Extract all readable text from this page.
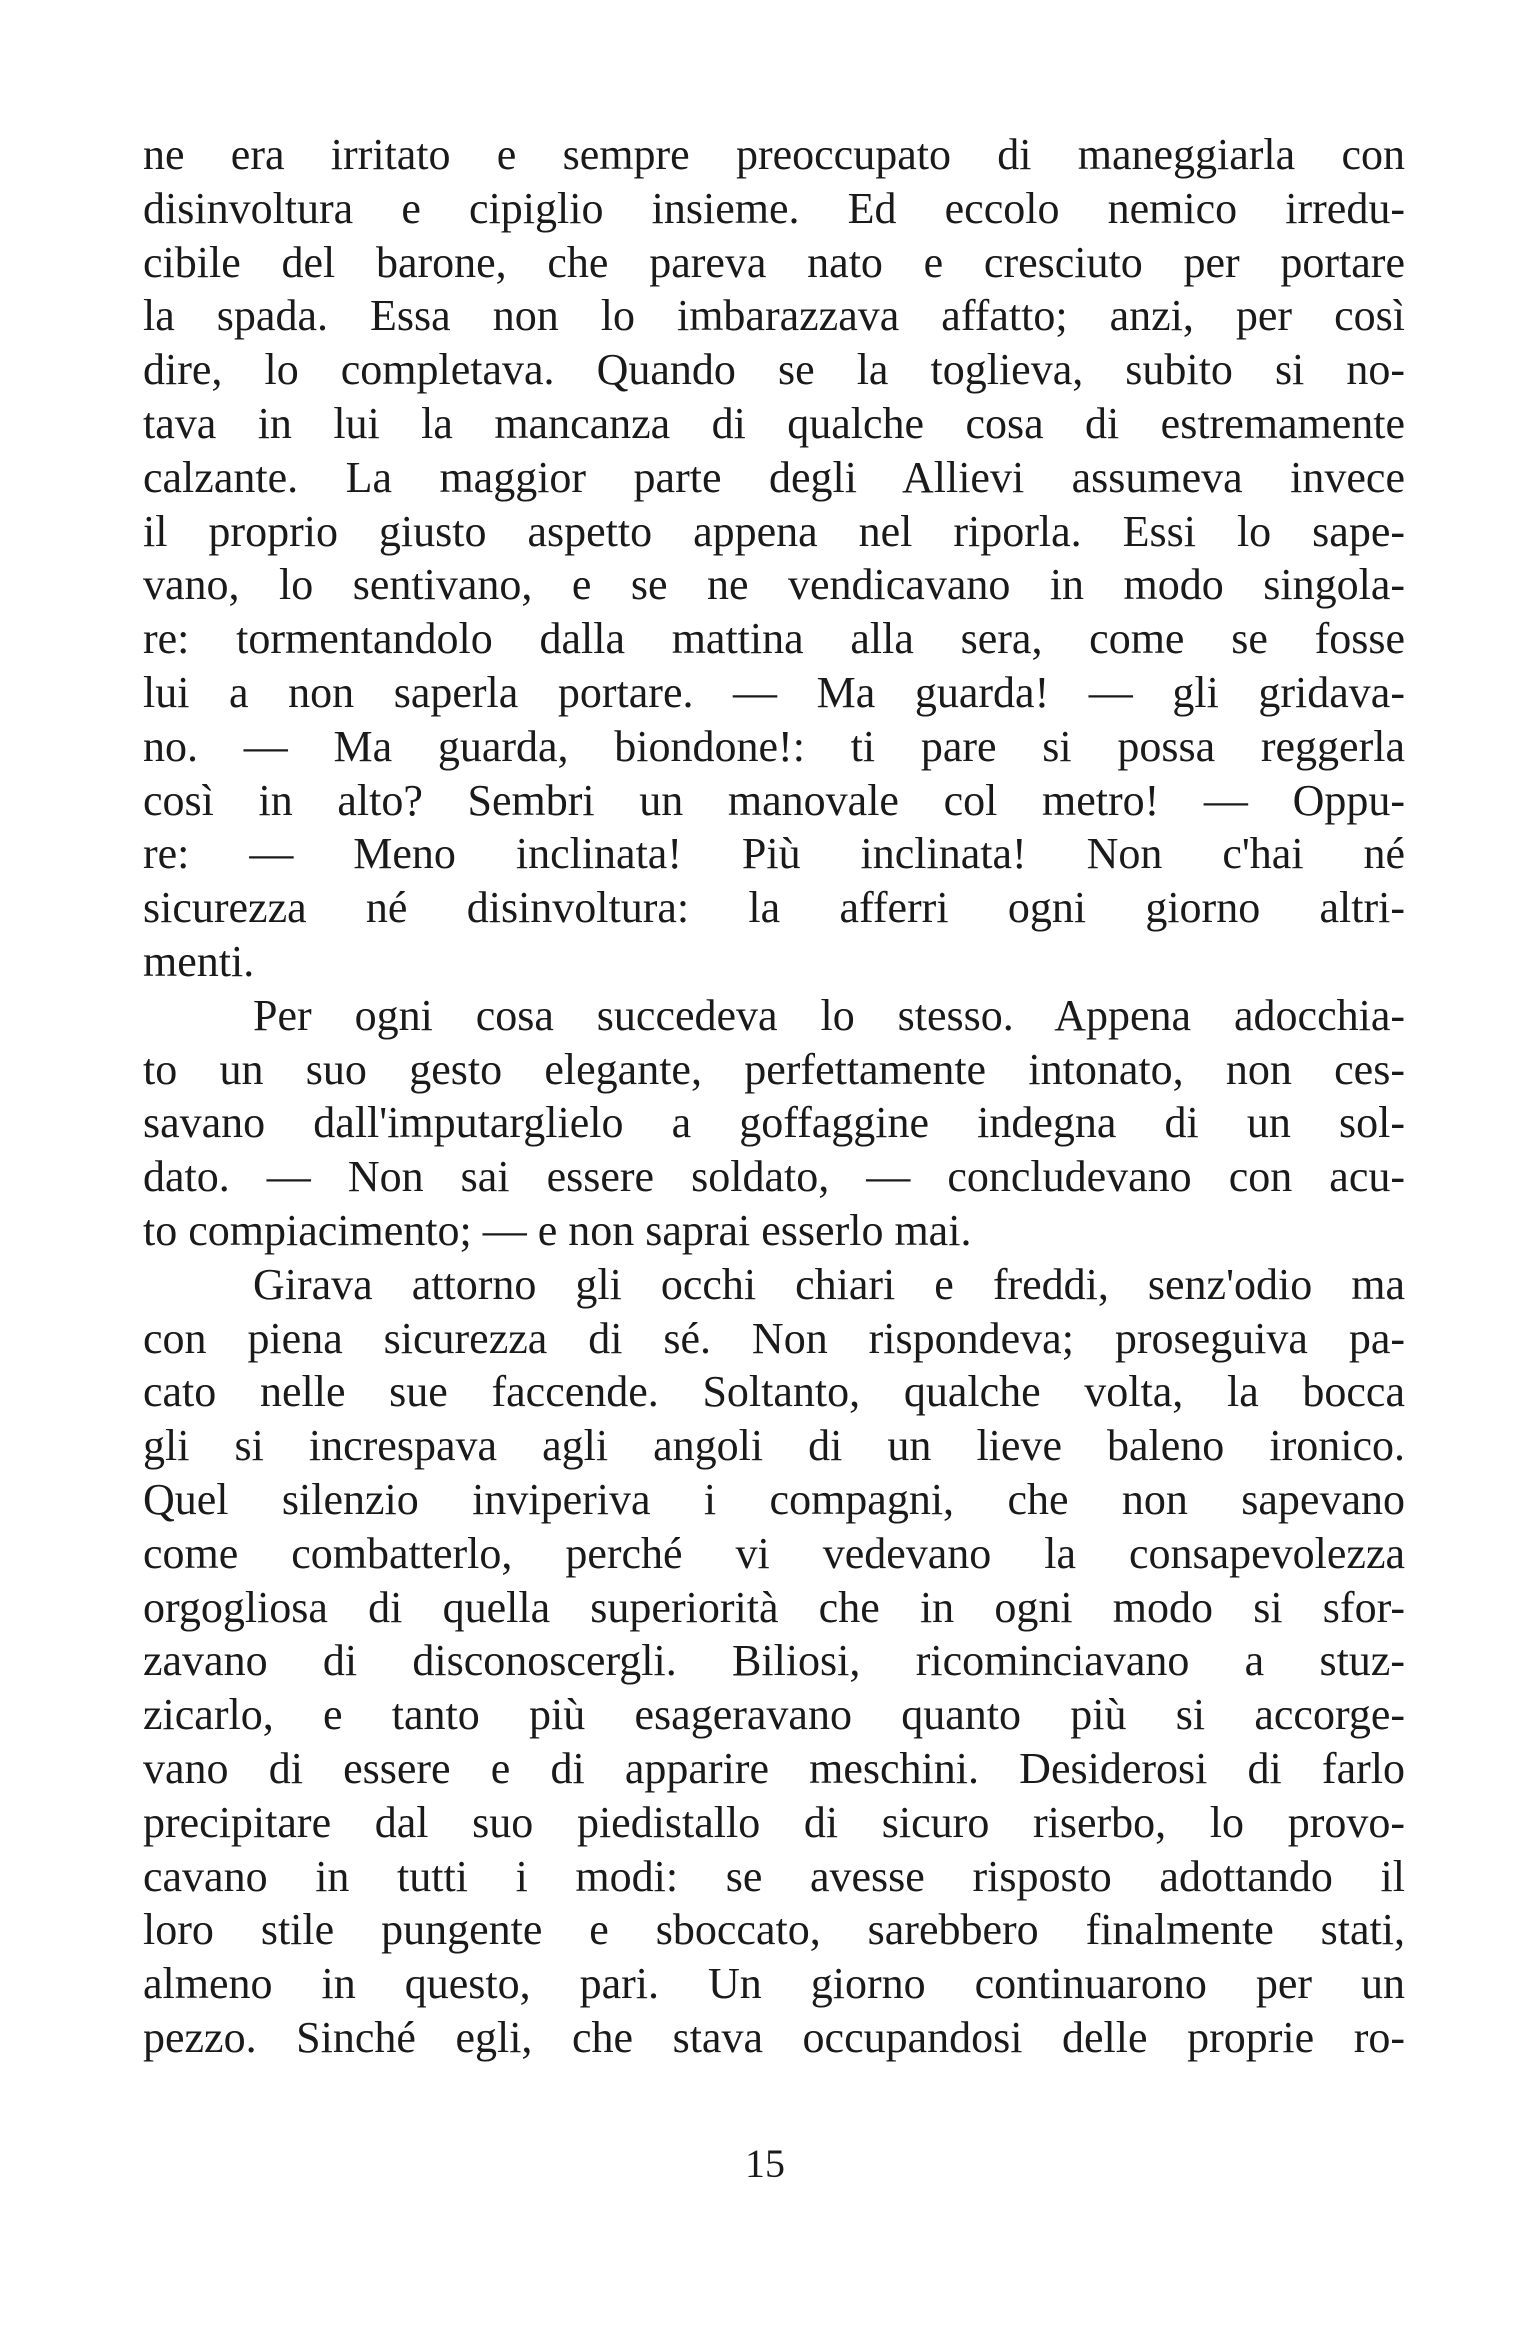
ne era irritato e sempre preoccupato di maneggiarla con
disinvoltura e cipiglio insieme. Ed eccolo nemico irredu-
cibile del barone, che pareva nato e cresciuto per portare
la spada. Essa non lo imbarazzava affatto; anzi, per così
dire, lo completava. Quando se la toglieva, subito si no-
tava in lui la mancanza di qualche cosa di estremamente
calzante. La maggior parte degli Allievi assumeva invece
il proprio giusto aspetto appena nel riporla. Essi lo sape-
vano, lo sentivano, e se ne vendicavano in modo singola-
re: tormentandolo dalla mattina alla sera, come se fosse
lui a non saperla portare. — Ma guarda! — gli gridava-
no. — Ma guarda, biondone!: ti pare si possa reggerla
così in alto? Sembri un manovale col metro! — Oppu-
re: — Meno inclinata! Più inclinata! Non c'hai né
sicurezza né disinvoltura: la afferri ogni giorno altri-
menti.
Per ogni cosa succedeva lo stesso. Appena adocchia-
to un suo gesto elegante, perfettamente intonato, non ces-
savano dall'imputarglielo a goffaggine indegna di un sol-
dato. — Non sai essere soldato, — concludevano con acu-
to compiacimento; — e non saprai esserlo mai.
Girava attorno gli occhi chiari e freddi, senz'odio ma
con piena sicurezza di sé. Non rispondeva; proseguiva pa-
cato nelle sue faccende. Soltanto, qualche volta, la bocca
gli si increspava agli angoli di un lieve baleno ironico.
Quel silenzio inviperiva i compagni, che non sapevano
come combatterlo, perché vi vedevano la consapevolezza
orgogliosa di quella superiorità che in ogni modo si sfor-
zavano di disconoscergli. Biliosi, ricominciavano a stuz-
zicarlo, e tanto più esageravano quanto più si accorge-
vano di essere e di apparire meschini. Desiderosi di farlo
precipitare dal suo piedistallo di sicuro riserbo, lo provo-
cavano in tutti i modi: se avesse risposto adottando il
loro stile pungente e sboccato, sarebbero finalmente stati,
almeno in questo, pari. Un giorno continuarono per un
pezzo. Sinché egli, che stava occupandosi delle proprie ro-
15
